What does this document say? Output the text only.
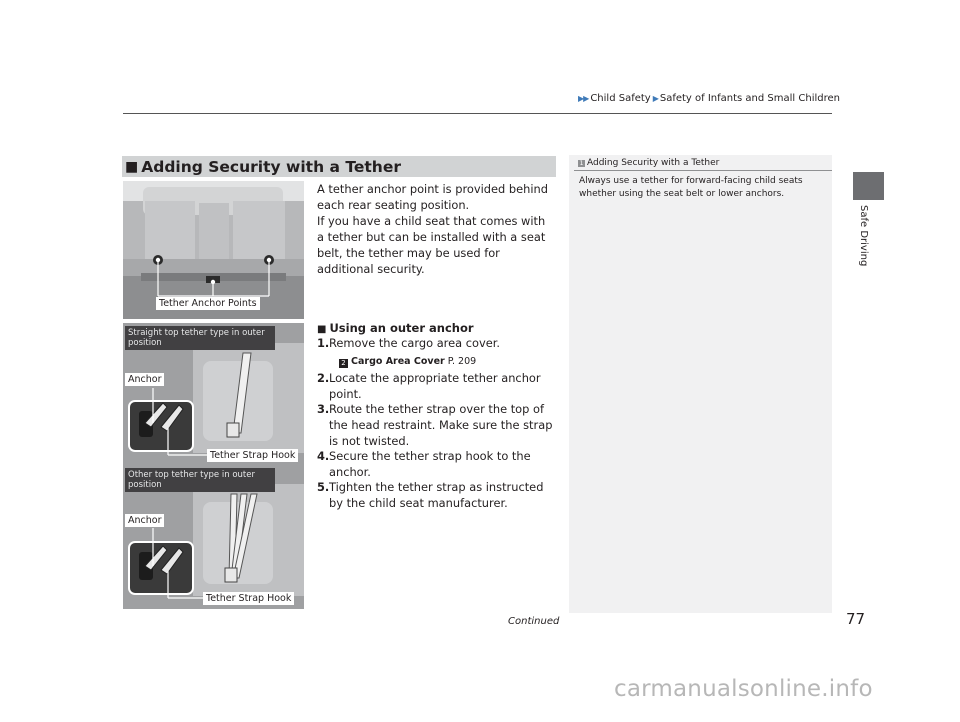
▶▶ Child Safety ▶ Safety of Infants and Small Children
Safe Driving
■ Adding Security with a Tether

A tether anchor point is provided behind each rear seating position.

If you have a child seat that comes with a tether but can be installed with a seat belt, the tether may be used for additional security.

■ Using an outer anchor
1. Remove the cargo area cover.
2 Cargo Area Cover P. 209
2. Locate the appropriate tether anchor point.
3. Route the tether strap over the top of the head restraint. Make sure the strap is not twisted.
4. Secure the tether strap hook to the anchor.
5. Tighten the tether strap as instructed by the child seat manufacturer.
Tether Anchor Points
Straight top tether type in outer position
Anchor
Tether Strap Hook
Other top tether type in outer position
Anchor
Tether Strap Hook
1 Adding Security with a Tether
Always use a tether for forward-facing child seats whether using the seat belt or lower anchors.
Continued	77
carmanualsonline.info
